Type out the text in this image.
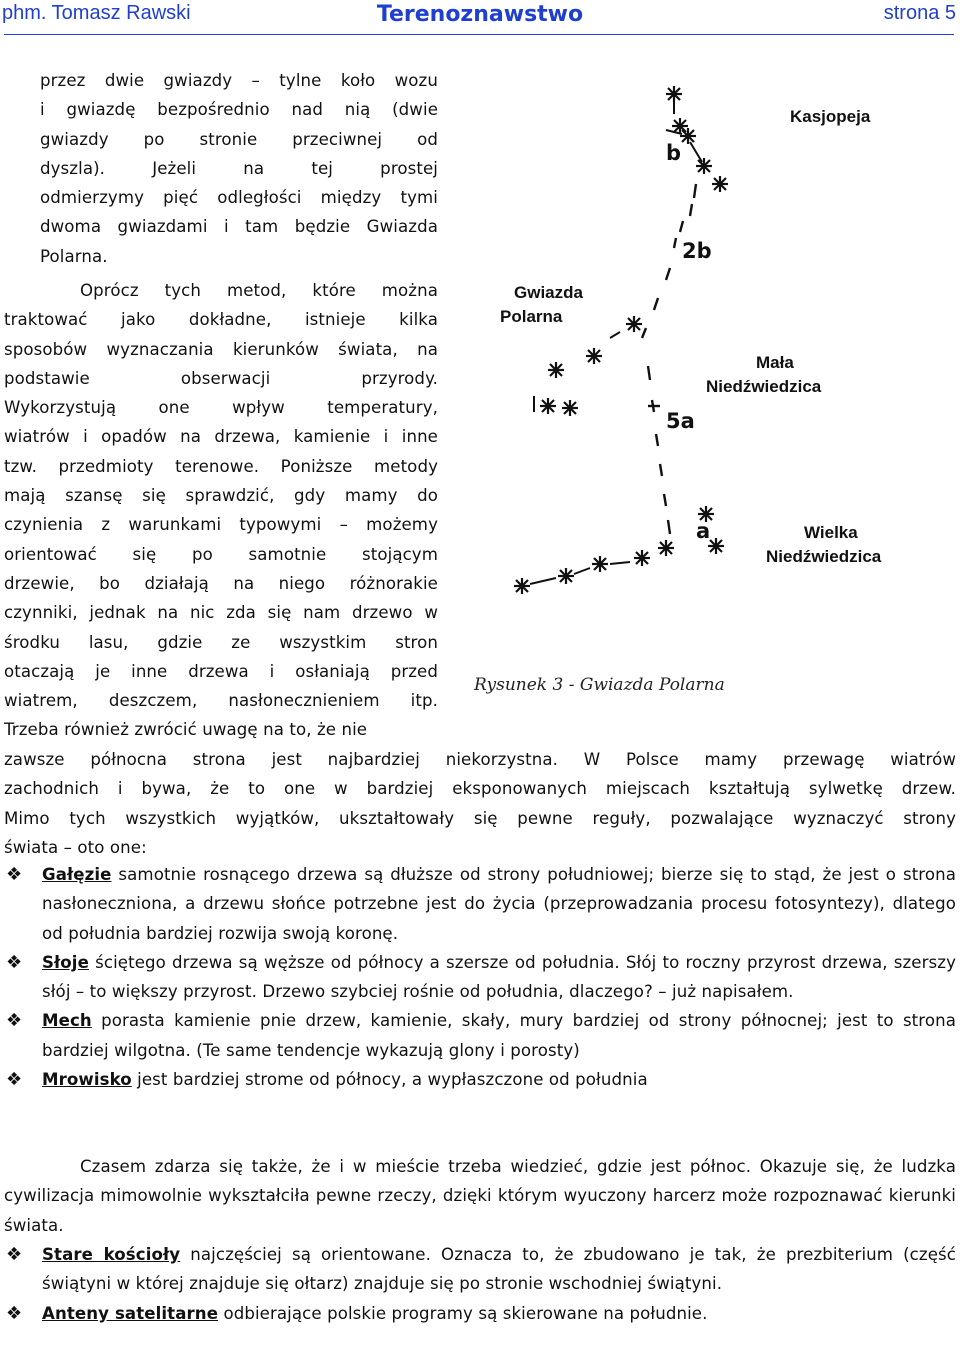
phm. Tomasz Rawski	Terenoznawstwo	strona 5

przez dwie gwiazdy – tylne koło wozu

i gwiazdę bezpośrednio nad nią (dwie

gwiazdy po stronie przeciwnej od

dyszla). Jeżeli na tej prostej

odmierzymy pięć odległości między tymi

dwoma gwiazdami i tam będzie Gwiazda

Polarna.

Oprócz tych metod, które można

traktować jako dokładne, istnieje kilka

sposobów wyznaczania kierunków świata, na

podstawie obserwacji przyrody.

Wykorzystują one wpływ temperatury,

wiatrów i opadów na drzewa, kamienie i inne

tzw. przedmioty terenowe. Poniższe metody

mają szansę się sprawdzić, gdy mamy do

czynienia z warunkami typowymi – możemy

orientować się po samotnie stojącym

drzewie, bo działają na niego różnorakie

czynniki, jednak na nic zda się nam drzewo w

środku lasu, gdzie ze wszystkim stron

otaczają je inne drzewa i osłaniają przed

wiatrem, deszczem, nasłonecznieniem itp.

Trzeba również zwrócić uwagę na to, że nie

Kasjopeja
Gwiazda
Polarna
Mała
Niedźwiedzica
Wielka
Niedźwiedzica
b
2b
5a
a
Rysunek 3 - Gwiazda Polarna

zawsze północna strona jest najbardziej niekorzystna. W Polsce mamy przewagę wiatrów

zachodnich i bywa, że to one w bardziej eksponowanych miejscach kształtują sylwetkę drzew.

Mimo tych wszystkich wyjątków, ukształtowały się pewne reguły, pozwalające wyznaczyć strony

świata – oto one:

❖ Gałęzie samotnie rosnącego drzewa są dłuższe od strony południowej; bierze się to stąd, że jest o strona nasłoneczniona, a drzewu słońce potrzebne jest do życia (przeprowadzania procesu fotosyntezy), dlatego od południa bardziej rozwija swoją koronę.

❖ Słoje ściętego drzewa są węższe od północy a szersze od południa. Słój to roczny przyrost drzewa, szerszy słój – to większy przyrost. Drzewo szybciej rośnie od południa, dlaczego? – już napisałem.

❖ Mech porasta kamienie pnie drzew, kamienie, skały, mury bardziej od strony północnej; jest to strona bardziej wilgotna. (Te same tendencje wykazują glony i porosty)

❖ Mrowisko jest bardziej strome od północy, a wypłaszczone od południa

Czasem zdarza się także, że i w mieście trzeba wiedzieć, gdzie jest północ. Okazuje się, że ludzka cywilizacja mimowolnie wykształciła pewne rzeczy, dzięki którym wyuczony harcerz może rozpoznawać kierunki świata.

❖ Stare kościoły najczęściej są orientowane. Oznacza to, że zbudowano je tak, że prezbiterium (część świątyni w której znajduje się ołtarz) znajduje się po stronie wschodniej świątyni.

❖ Anteny satelitarne odbierające polskie programy są skierowane na południe.
